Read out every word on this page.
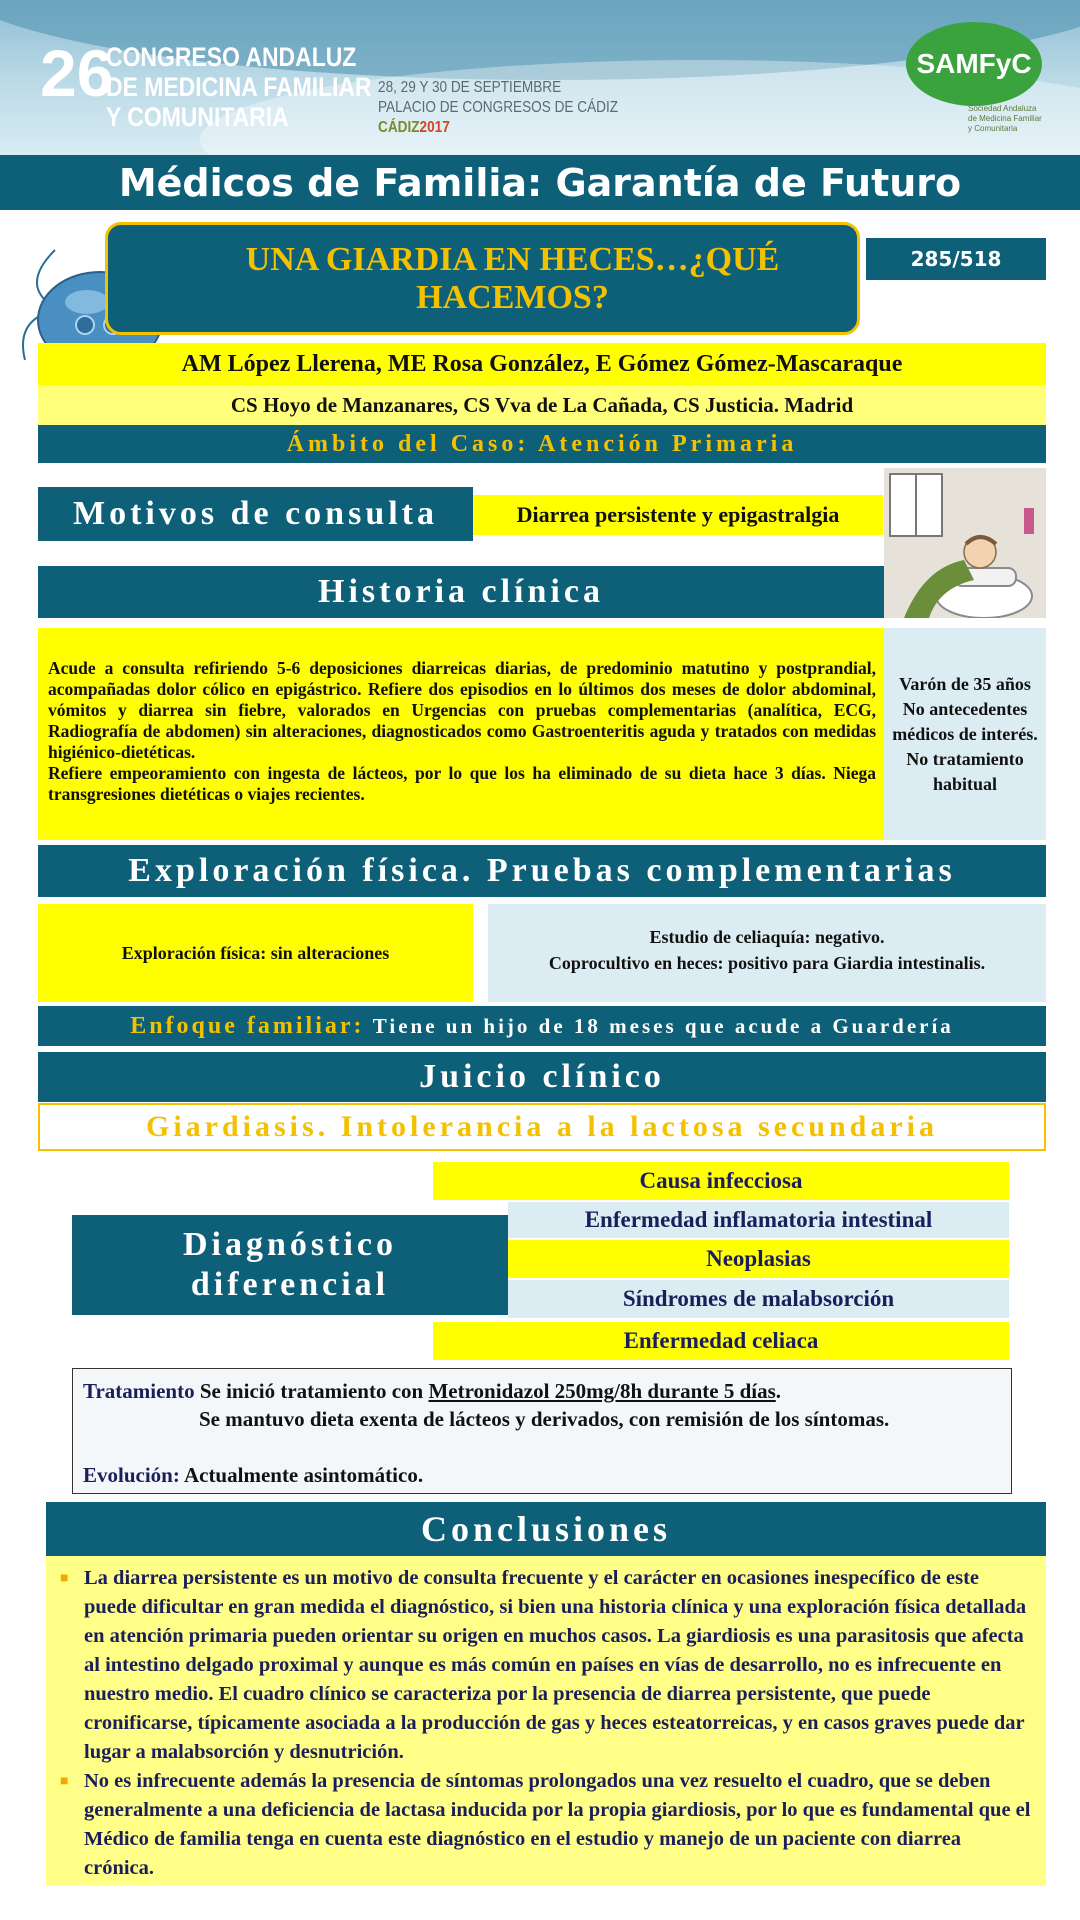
26
CONGRESO ANDALUZ
DE MEDICINA FAMILIAR
Y COMUNITARIA
28, 29 Y 30 DE SEPTIEMBRE
PALACIO DE CONGRESOS DE CÁDIZ
CÁDIZ2017
SAMFyC
Sociedad Andaluza
de Medicina Familiar
y Comunitaria
Médicos de Familia: Garantía de Futuro
UNA GIARDIA EN HECES…¿QUÉ HACEMOS?
285/518
AM López Llerena, ME Rosa González, E Gómez Gómez-Mascaraque
CS Hoyo de Manzanares, CS Vva de La Cañada, CS Justicia. Madrid
Ámbito del Caso: Atención Primaria
Motivos de consulta	Diarrea persistente y epigastralgia
Historia clínica
Acude a consulta refiriendo 5-6 deposiciones diarreicas diarias, de predominio matutino y postprandial, acompañadas dolor cólico en epigástrico. Refiere dos episodios en lo últimos dos meses de dolor abdominal, vómitos y diarrea sin fiebre, valorados en Urgencias con pruebas complementarias (analítica, ECG, Radiografía de abdomen) sin alteraciones, diagnosticados como Gastroenteritis aguda y tratados con medidas higiénico-dietéticas.
Refiere empeoramiento con ingesta de lácteos, por lo que los ha eliminado de su dieta hace 3 días. Niega transgresiones dietéticas o viajes recientes.
Varón de 35 años
No antecedentes médicos de interés.
No tratamiento habitual
Exploración física. Pruebas complementarias
Exploración física: sin alteraciones
Estudio de celiaquía: negativo.
Coprocultivo en heces: positivo para Giardia intestinalis.
Enfoque familiar:
Tiene un hijo de 18 meses que acude a Guardería
Juicio clínico
Giardiasis. Intolerancia a la lactosa secundaria
Causa infecciosa
Enfermedad inflamatoria intestinal
Neoplasias
Síndromes de malabsorción
Enfermedad celiaca
Diagnóstico
diferencial
Tratamiento Se inició tratamiento con Metronidazol 250mg/8h durante 5 días.
Se mantuvo dieta exenta de lácteos y derivados, con remisión de los síntomas.
Evolución: Actualmente asintomático.
Conclusiones
■ La diarrea persistente es un motivo de consulta frecuente y el carácter en ocasiones inespecífico de este puede dificultar en gran medida el diagnóstico, si bien una historia clínica y una exploración física detallada en atención primaria pueden orientar su origen en muchos casos. La giardiosis es una parasitosis que afecta al intestino delgado proximal y aunque es más común en países en vías de desarrollo, no es infrecuente en nuestro medio. El cuadro clínico se caracteriza por la presencia de diarrea persistente, que puede cronificarse, típicamente asociada a la producción de gas y heces esteatorreicas, y en casos graves puede dar lugar a malabsorción y desnutrición.
■ No es infrecuente además la presencia de síntomas prolongados una vez resuelto el cuadro, que se deben generalmente a una deficiencia de lactasa inducida por la propia giardiosis, por lo que es fundamental que el Médico de familia tenga en cuenta este diagnóstico en el estudio y manejo de un paciente con diarrea crónica.
